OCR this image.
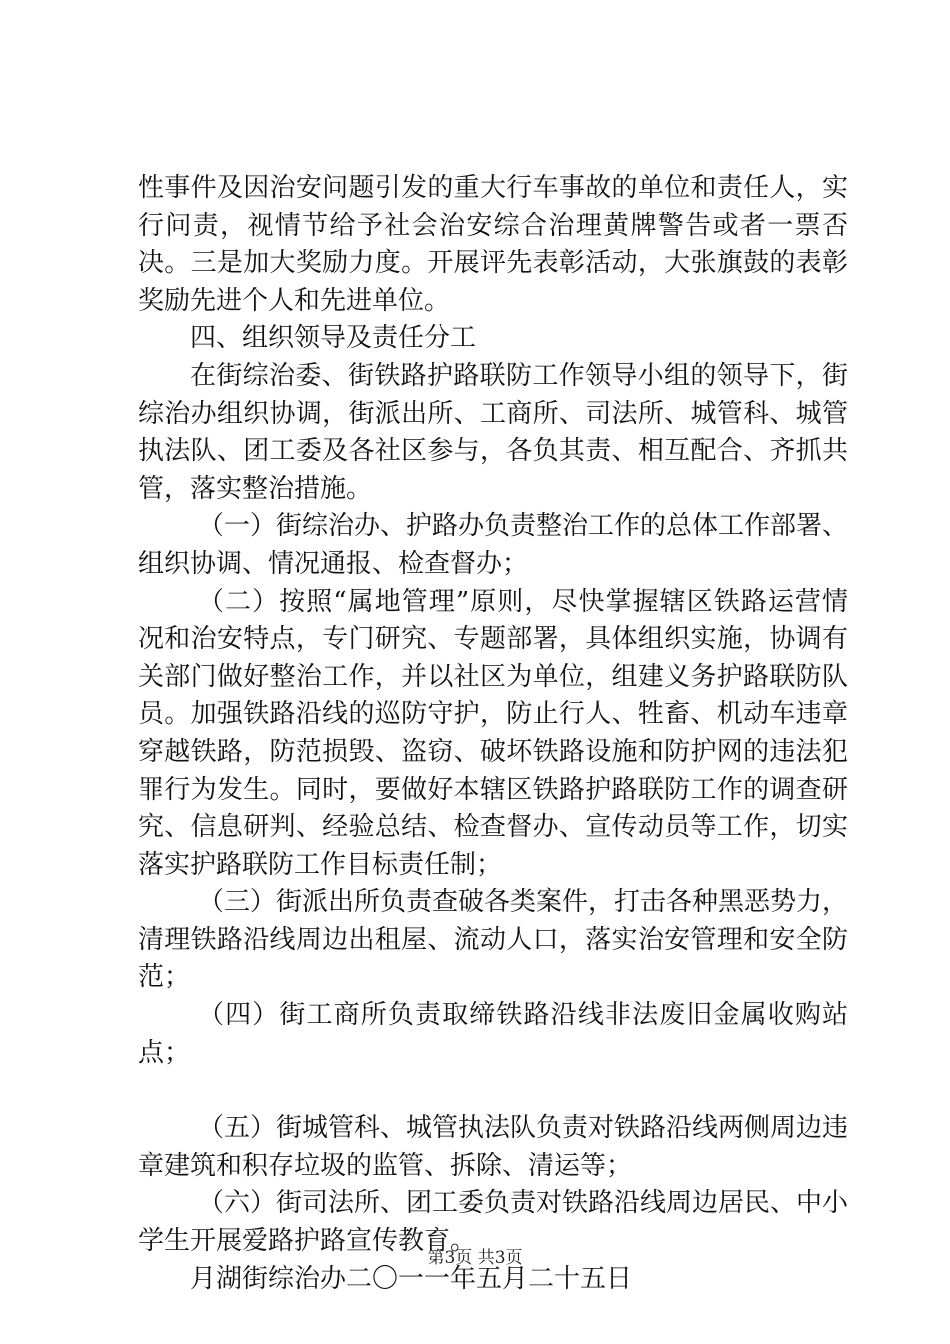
性事件及因治安问题引发的重大行车事故的单位和责任人，实行问责，视情节给予社会治安综合治理黄牌警告或者一票否决。三是加大奖励力度。开展评先表彰活动，大张旗鼓的表彰奖励先进个人和先进单位。

四、组织领导及责任分工

在街综治委、街铁路护路联防工作领导小组的领导下，街综治办组织协调，街派出所、工商所、司法所、城管科、城管执法队、团工委及各社区参与，各负其责、相互配合、齐抓共管，落实整治措施。

（一）街综治办、护路办负责整治工作的总体工作部署、组织协调、情况通报、检查督办；

（二）按照“属地管理”原则，尽快掌握辖区铁路运营情况和治安特点，专门研究、专题部署，具体组织实施，协调有关部门做好整治工作，并以社区为单位，组建义务护路联防队员。加强铁路沿线的巡防守护，防止行人、牲畜、机动车违章穿越铁路，防范损毁、盗窃、破坏铁路设施和防护网的违法犯罪行为发生。同时，要做好本辖区铁路护路联防工作的调查研究、信息研判、经验总结、检查督办、宣传动员等工作，切实落实护路联防工作目标责任制；

（三）街派出所负责查破各类案件，打击各种黑恶势力，清理铁路沿线周边出租屋、流动人口，落实治安管理和安全防范；

（四）街工商所负责取缔铁路沿线非法废旧金属收购站点；

（五）街城管科、城管执法队负责对铁路沿线两侧周边违章建筑和积存垃圾的监管、拆除、清运等；

（六）街司法所、团工委负责对铁路沿线周边居民、中小学生开展爱路护路宣传教育。

月湖街综治办二〇一一年五月二十五日

第3页 共3页
